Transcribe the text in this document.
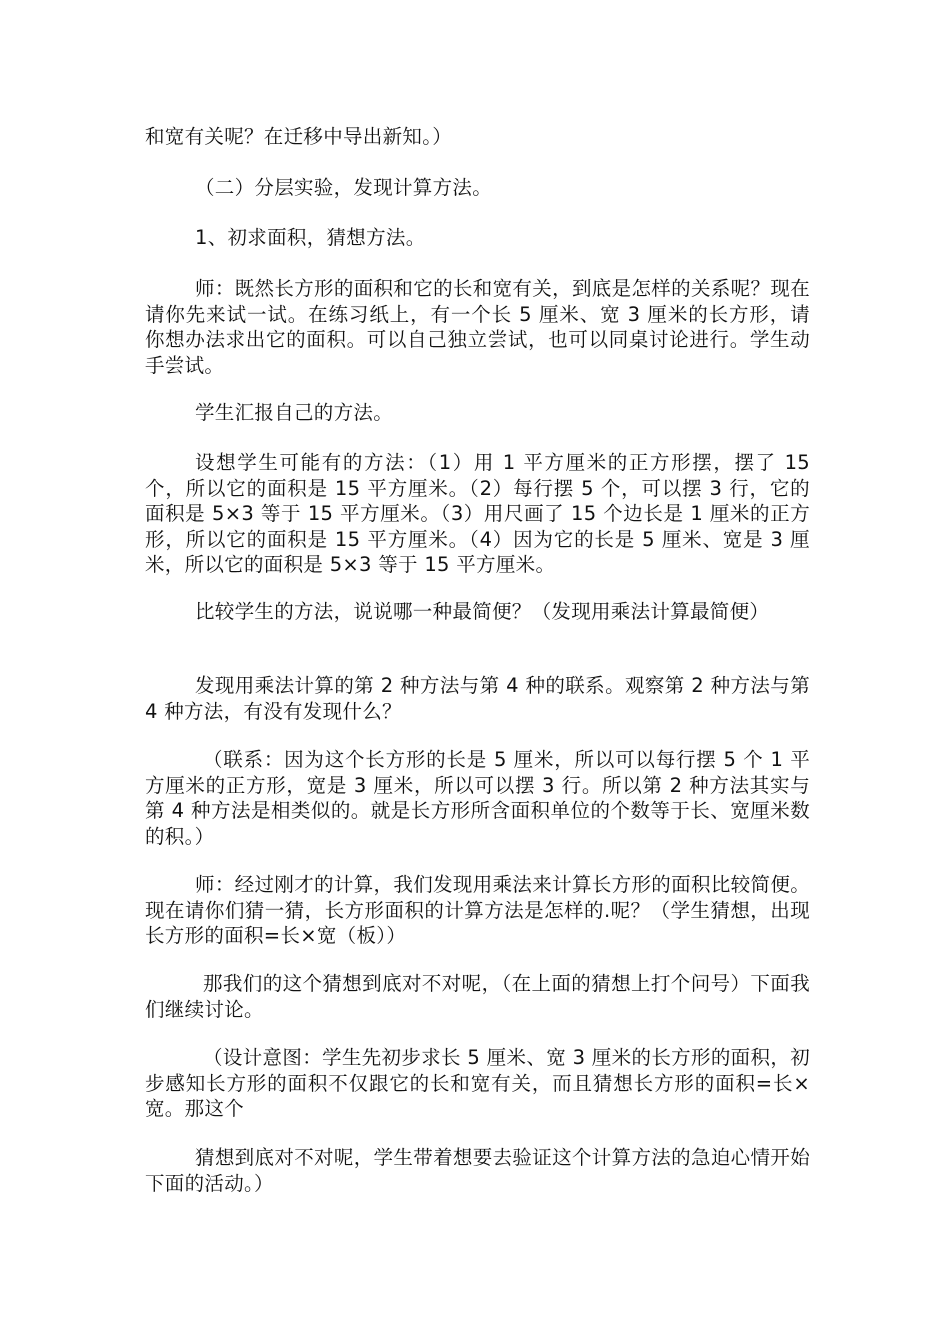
和宽有关呢？在迁移中导出新知。）

（二）分层实验，发现计算方法。

1、初求面积，猜想方法。

师：既然长方形的面积和它的长和宽有关，到底是怎样的关系呢？现在请你先来试一试。在练习纸上，有一个长 5 厘米、宽 3 厘米的长方形，请你想办法求出它的面积。可以自己独立尝试，也可以同桌讨论进行。学生动手尝试。

学生汇报自己的方法。

设想学生可能有的方法：（1）用 1 平方厘米的正方形摆，摆了 15 个，所以它的面积是 15 平方厘米。（2）每行摆 5 个，可以摆 3 行，它的面积是 5×3 等于 15 平方厘米。（3）用尺画了 15 个边长是 1 厘米的正方形，所以它的面积是 15 平方厘米。（4）因为它的长是 5 厘米、宽是 3 厘米，所以它的面积是 5×3 等于 15 平方厘米。

比较学生的方法，说说哪一种最简便？（发现用乘法计算最简便）

发现用乘法计算的第 2 种方法与第 4 种的联系。观察第 2 种方法与第 4 种方法，有没有发现什么？

（联系：因为这个长方形的长是 5 厘米，所以可以每行摆 5 个 1 平方厘米的正方形，宽是 3 厘米，所以可以摆 3 行。所以第 2 种方法其实与第 4 种方法是相类似的。就是长方形所含面积单位的个数等于长、宽厘米数的积。）

师：经过刚才的计算，我们发现用乘法来计算长方形的面积比较简便。现在请你们猜一猜，长方形面积的计算方法是怎样的.呢？（学生猜想，出现长方形的面积=长×宽（板））

那我们的这个猜想到底对不对呢，（在上面的猜想上打个问号）下面我们继续讨论。

（设计意图：学生先初步求长 5 厘米、宽 3 厘米的长方形的面积，初步感知长方形的面积不仅跟它的长和宽有关，而且猜想长方形的面积=长×宽。那这个

猜想到底对不对呢，学生带着想要去验证这个计算方法的急迫心情开始下面的活动。）
